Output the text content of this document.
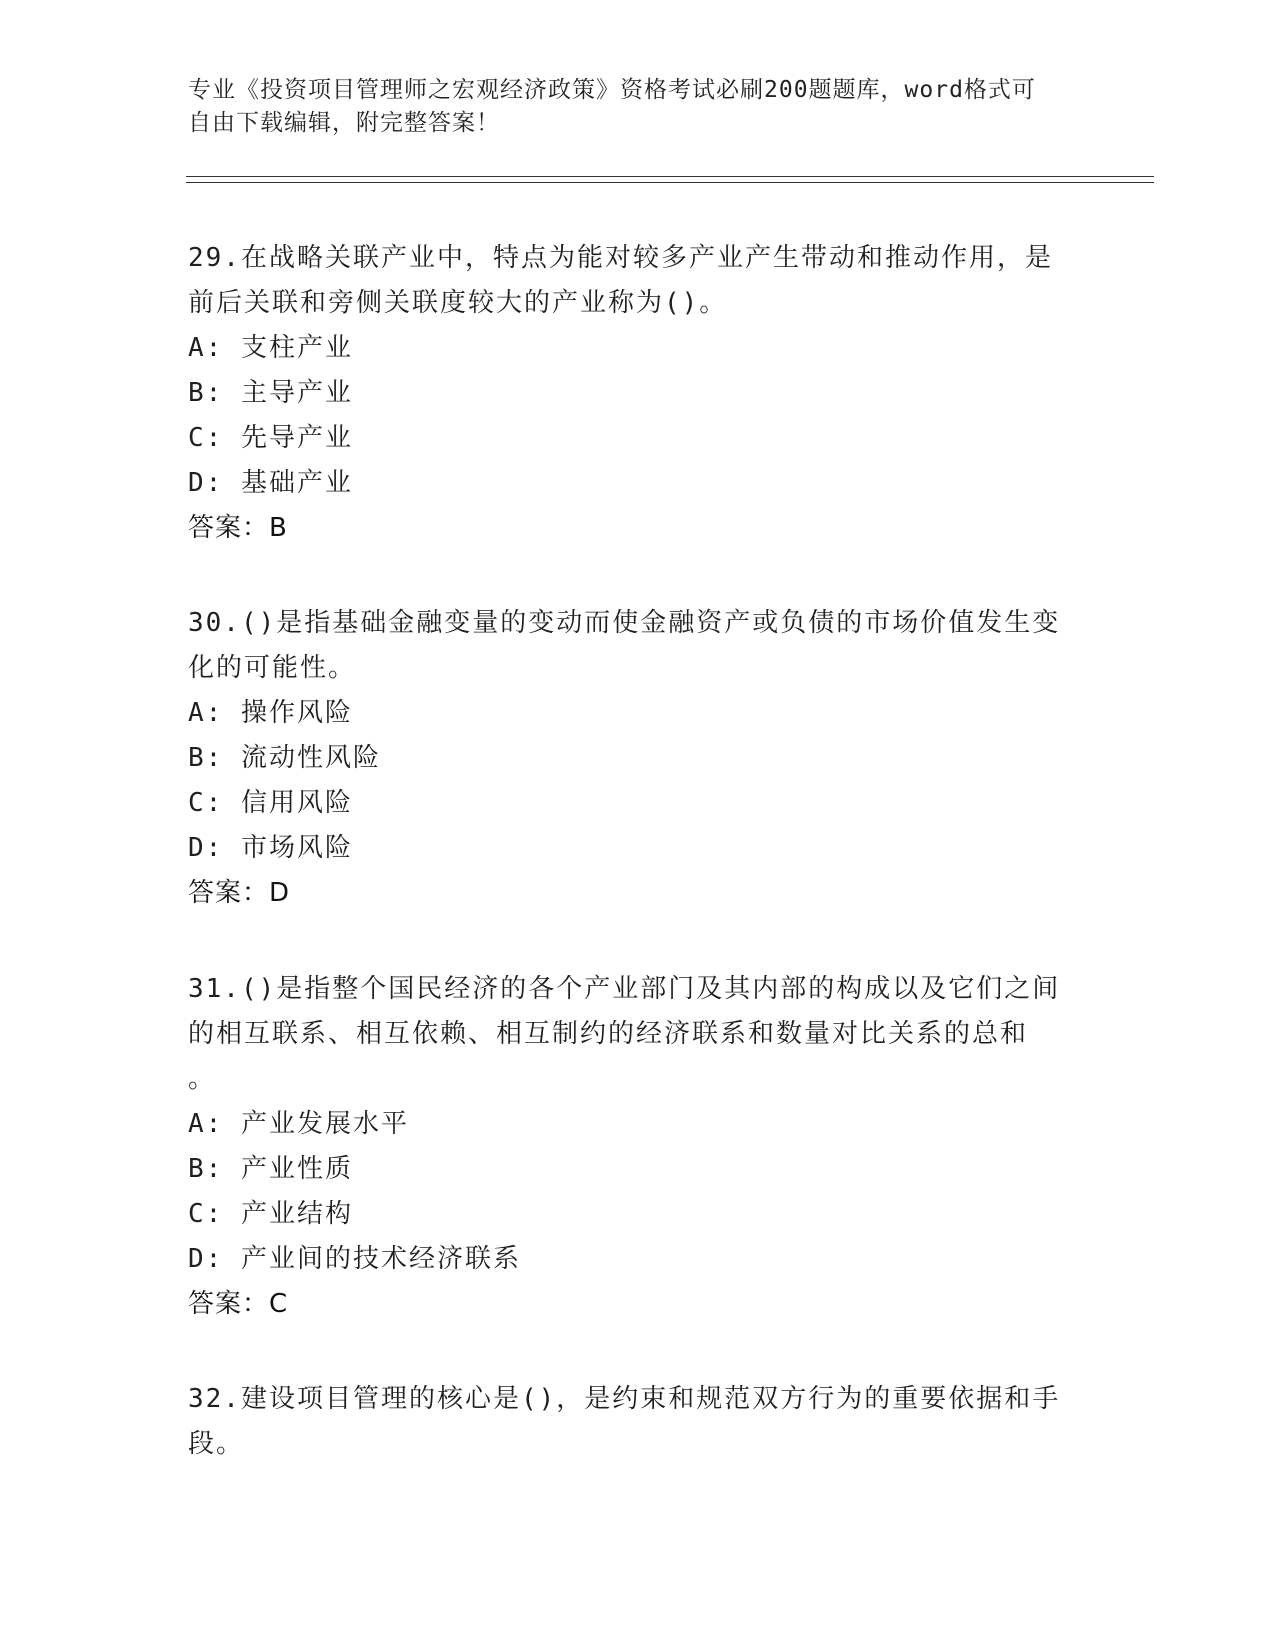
专业《投资项目管理师之宏观经济政策》资格考试必刷200题题库，word格式可
自由下载编辑，附完整答案！

29.在战略关联产业中，特点为能对较多产业产生带动和推动作用，是

前后关联和旁侧关联度较大的产业称为()。

A: 支柱产业

B: 主导产业

C: 先导产业

D: 基础产业

答案：B

30.()是指基础金融变量的变动而使金融资产或负债的市场价值发生变

化的可能性。

A: 操作风险

B: 流动性风险

C: 信用风险

D: 市场风险

答案：D

31.()是指整个国民经济的各个产业部门及其内部的构成以及它们之间

的相互联系、相互依赖、相互制约的经济联系和数量对比关系的总和

。

A: 产业发展水平

B: 产业性质

C: 产业结构

D: 产业间的技术经济联系

答案：C

32.建设项目管理的核心是()，是约束和规范双方行为的重要依据和手

段。
